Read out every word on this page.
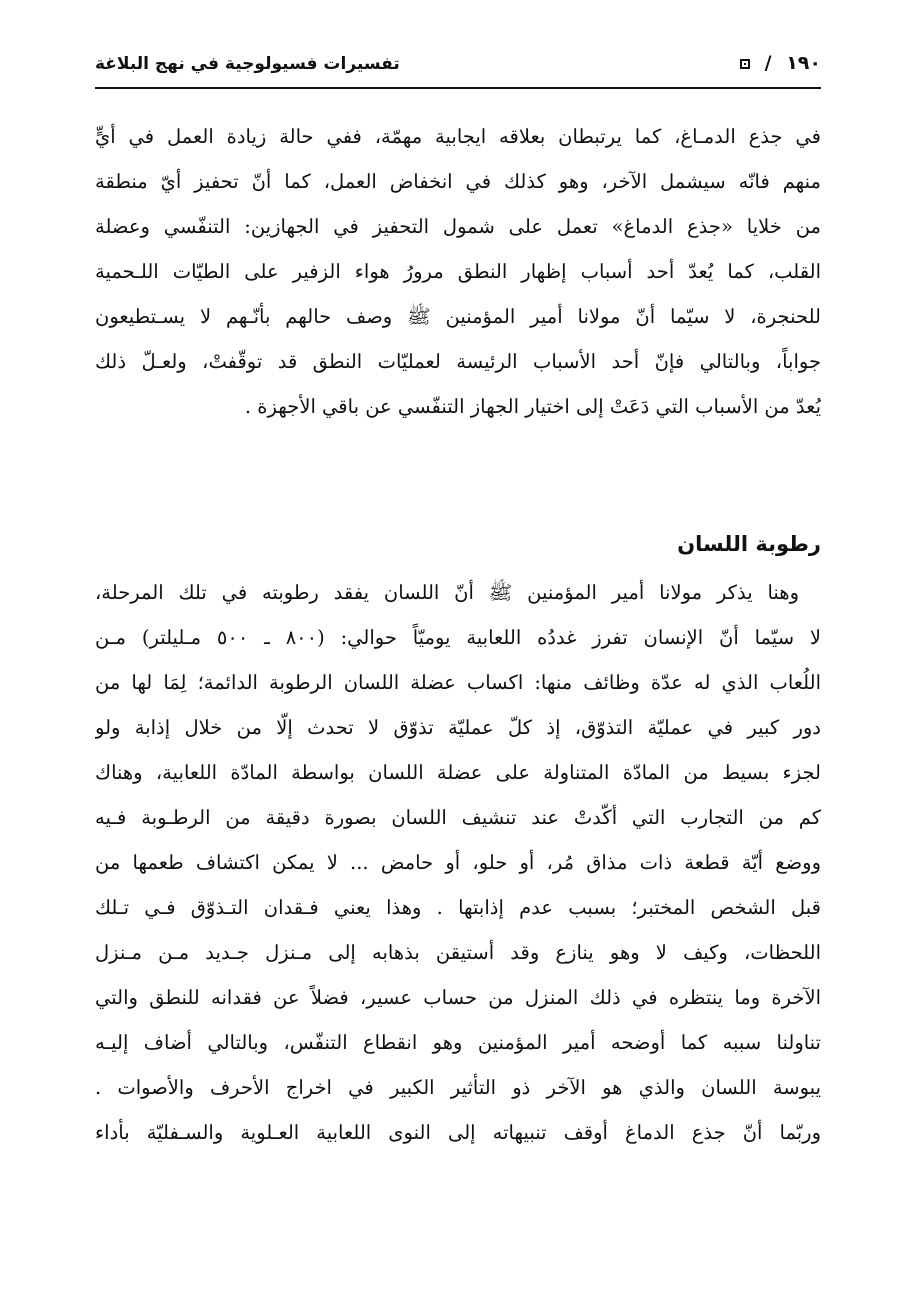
١٩٠ /
تفسيرات فسيولوجية في نهج البلاغة
في جذع الدمـاغ، كما يرتبطان بعلاقه ايجابية مهمّة، ففي حالة زيادة العمل في أيٍّ
منهم فانّه سيشمل الآخر، وهو كذلك في انخفاض العمل، كما أنّ تحفيز أيّ منطقة
من خلايا «جذع الدماغ» تعمل على شمول التحفيز في الجهازين: التنفّسي وعضلة
القلب، كما يُعدّ أحد أسباب إظهار النطق مرورُ هواء الزفير على الطيّات اللـحمية
للحنجرة، لا سيّما أنّ مولانا أمير المؤمنين ﷺ وصف حالهم بأنّـهم لا يسـتطيعون
جواباً، وبالتالي فإنّ أحد الأسباب الرئيسة لعمليّات النطق قد توقّفتْ، ولعـلّ ذلك
يُعدّ من الأسباب التي دَعَتْ إلى اختيار الجهاز التنفّسي عن باقي الأجهزة .
رطوبة اللسان
وهنا يذكر مولانا أمير المؤمنين ﷺ أنّ اللسان يفقد رطوبته في تلك المرحلة،
لا سيّما أنّ الإنسان تفرز غددُه اللعابية يوميّاً حوالي: (٨٠٠ ـ ٥٠٠ مـليلتر) مـن
اللُعاب الذي له عدّة وظائف منها: اكساب عضلة اللسان الرطوبة الدائمة؛ لِمَا لها من
دور كبير في عمليّة التذوّق، إذ كلّ عمليّة تذوّق لا تحدث إلّا من خلال إذابة ولو
لجزء بسيط من المادّة المتناولة على عضلة اللسان بواسطة المادّة اللعابية، وهناك
كم من التجارب التي أكّدتْ عند تنشيف اللسان بصورة دقيقة من الرطـوبة فـيه
ووضع أيّة قطعة ذات مذاق مُر، أو حلو، أو حامض ... لا يمكن اكتشاف طعمها من
قبل الشخص المختبر؛ بسبب عدم إذابتها . وهذا يعني فـقدان التـذوّق فـي تـلك
اللحظات، وكيف لا وهو ينازع وقد أستيقن بذهابه إلى مـنزل جـديد مـن مـنزل
الآخرة وما ينتظره في ذلك المنزل من حساب عسير، فضلاً عن فقدانه للنطق والتي
تناولنا سببه كما أوضحه أمير المؤمنين وهو انقطاع التنفّس، وبالتالي أضاف إليـه
يبوسة اللسان والذي هو الآخر ذو التأثير الكبير في اخراج الأحرف والأصوات .
وربّما أنّ جذع الدماغ أوقف تنبيهاته إلى النوى اللعابية العـلوية والسـفليّة بأداء
